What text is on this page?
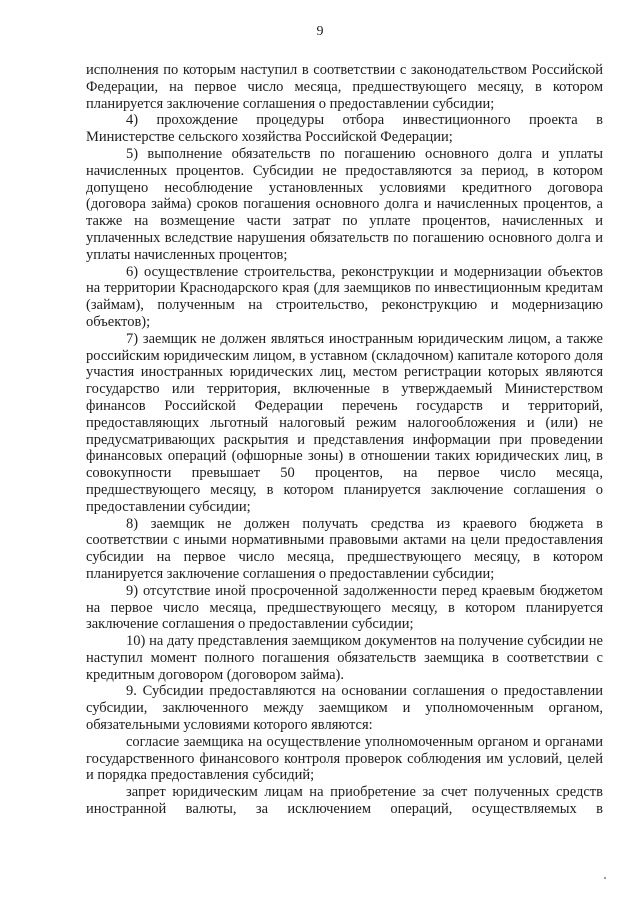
9

исполнения по которым наступил в соответствии с законодательством Российской Федерации, на первое число месяца, предшествующего месяцу, в котором планируется заключение соглашения о предоставлении субсидии;

4) прохождение процедуры отбора инвестиционного проекта в Министерстве сельского хозяйства Российской Федерации;

5) выполнение обязательств по погашению основного долга и уплаты начисленных процентов. Субсидии не предоставляются за период, в котором допущено несоблюдение установленных условиями кредитного договора (договора займа) сроков погашения основного долга и начисленных процентов, а также на возмещение части затрат по уплате процентов, начисленных и уплаченных вследствие нарушения обязательств по погашению основного долга и уплаты начисленных процентов;

6) осуществление строительства, реконструкции и модернизации объектов на территории Краснодарского края (для заемщиков по инвестиционным кредитам (займам), полученным на строительство, реконструкцию и модернизацию объектов);

7) заемщик не должен являться иностранным юридическим лицом, а также российским юридическим лицом, в уставном (складочном) капитале которого доля участия иностранных юридических лиц, местом регистрации которых являются государство или территория, включенные в утверждаемый Министерством финансов Российской Федерации перечень государств и территорий, предоставляющих льготный налоговый режим налогообложения и (или) не предусматривающих раскрытия и представления информации при проведении финансовых операций (офшорные зоны) в отношении таких юридических лиц, в совокупности превышает 50 процентов, на первое число месяца, предшествующего месяцу, в котором планируется заключение соглашения о предоставлении субсидии;

8) заемщик не должен получать средства из краевого бюджета в соответствии с иными нормативными правовыми актами на цели предоставления субсидии на первое число месяца, предшествующего месяцу, в котором планируется заключение соглашения о предоставлении субсидии;

9) отсутствие иной просроченной задолженности перед краевым бюджетом на первое число месяца, предшествующего месяцу, в котором планируется заключение соглашения о предоставлении субсидии;

10) на дату представления заемщиком документов на получение субсидии не наступил момент полного погашения обязательств заемщика в соответствии с кредитным договором (договором займа).

9. Субсидии предоставляются на основании соглашения о предоставлении субсидии, заключенного между заемщиком и уполномоченным органом, обязательными условиями которого являются:

согласие заемщика на осуществление уполномоченным органом и органами государственного финансового контроля проверок соблюдения им условий, целей и порядка предоставления субсидий;

запрет юридическим лицам на приобретение за счет полученных средств иностранной валюты, за исключением операций, осуществляемых в
